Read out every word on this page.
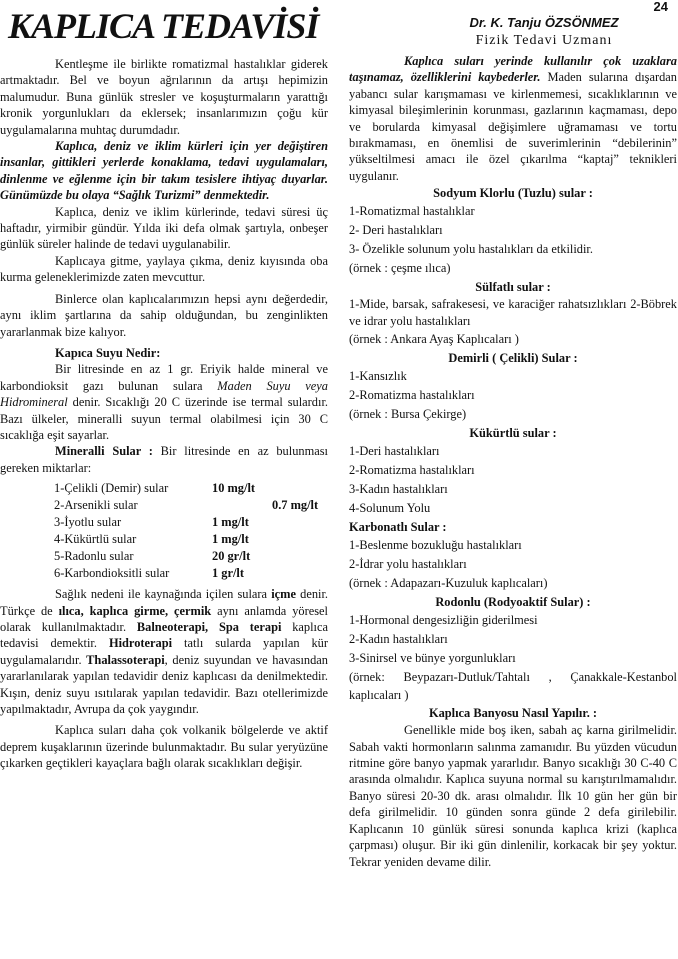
24
KAPLICA TEDAVİSİ	Dr. K. Tanju ÖZSÖNMEZ
Fizik Tedavi Uzmanı

Kentleşme ile birlikte romatizmal hastalıklar giderek artmaktadır. Bel ve boyun ağrılarının da artışı hepimizin malumudur. Buna günlük stresler ve koşuşturmaların yarattığı kronik yorgunlukları da eklersek; insanlarımızın çoğu kür uygulamalarına muhtaç durumdadır.

Kaplıca, deniz ve iklim kürleri için yer değiştiren insanlar, gittikleri yerlerde konaklama, tedavi uygulamaları, dinlenme ve eğlenme için bir takım tesislere ihtiyaç duyarlar. Günümüzde bu olaya “Sağlık Turizmi” denmektedir.

Kaplıca, deniz ve iklim kürlerinde, tedavi süresi üç haftadır, yirmibir gündür. Yılda iki defa olmak şartıyla, onbeşer günlük süreler halinde de tedavi uygulanabilir.

Kaplıcaya gitme, yaylaya çıkma, deniz kıyısında oba kurma geleneklerimizde zaten mevcuttur.

Binlerce olan kaplıcalarımızın hepsi aynı değerdedir, aynı iklim şartlarına da sahip olduğundan, bu zenginlikten yararlanmak bize kalıyor.

Kapıca Suyu Nedir:

Bir litresinde en az 1 gr. Eriyik halde mineral ve karbondioksit gazı bulunan sulara Maden Suyu veya Hidromineral denir. Sıcaklığı 20 C üzerinde ise termal sulardır. Bazı ülkeler, mineralli suyun termal olabilmesi için 30 C sıcaklığa eşit sayarlar.

Mineralli Sular : Bir litresinde en az bulunması gereken miktarlar:

1-Çelikli (Demir) sular	10 mg/lt
2-Arsenikli sular	0.7 mg/lt
3-İyotlu sular	1 mg/lt
4-Kükürtlü sular	1 mg/lt
5-Radonlu sular	20 gr/lt
6-Karbondioksitli sular	1 gr/lt

Sağlık nedeni ile kaynağında içilen sulara içme denir. Türkçe de ılıca, kaplıca girme, çermik aynı anlamda yöresel olarak kullanılmaktadır. Balneoterapi, Spa terapi kaplıca tedavisi demektir. Hidroterapi tatlı sularda yapılan kür uygulamalarıdır. Thalassoterapi, deniz suyundan ve havasından yararlanılarak yapılan tedavidir deniz kaplıcası da denilmektedir. Kışın, deniz suyu ısıtılarak yapılan tedavidir. Bazı otellerimizde yapılmaktadır, Avrupa da çok yaygındır.

Kaplıca suları daha çok volkanik bölgelerde ve aktif deprem kuşaklarının üzerinde bulunmaktadır. Bu sular yeryüzüne çıkarken geçtikleri kayaçlara bağlı olarak sıcaklıkları değişir.

Kaplıca suları yerinde kullanılır çok uzaklara taşınamaz, özelliklerini kaybederler. Maden sularına dışardan yabancı sular karışmaması ve kirlenmemesi, sıcaklıklarının ve kimyasal bileşimlerinin korunması, gazlarının kaçmaması, depo ve borularda kimyasal değişimlere uğramaması ve tortu bırakmaması, en önemlisi de suverimlerinin “debilerinin” yükseltilmesi amacı ile özel çıkarılma “kaptaj” teknikleri uygulanır.

Sodyum Klorlu (Tuzlu) sular :

1-Romatizmal hastalıklar

2- Deri hastalıkları

3- Özelikle solunum yolu hastalıkları da etkilidir.

(örnek : çeşme ılıca)

Sülfatlı sular :

1-Mide, barsak, safrakesesi, ve karaciğer rahatsızlıkları 2-Böbrek ve idrar yolu hastalıkları

(örnek : Ankara Ayaş Kaplıcaları )

Demirli ( Çelikli) Sular :

1-Kansızlık

2-Romatizma hastalıkları

(örnek : Bursa Çekirge)

Kükürtlü sular :

1-Deri hastalıkları

2-Romatizma hastalıkları

3-Kadın hastalıkları

4-Solunum Yolu

Karbonatlı Sular :

1-Beslenme bozukluğu hastalıkları

2-İdrar yolu hastalıkları

(örnek : Adapazarı-Kuzuluk kaplıcaları)

Rodonlu (Rodyoaktif Sular) :

1-Hormonal dengesizliğin giderilmesi

2-Kadın hastalıkları

3-Sinirsel ve bünye yorgunlukları

(örnek: Beypazarı-Dutluk/Tahtalı , Çanakkale-Kestanbol kaplıcaları )

Kaplıca Banyosu Nasıl Yapılır. :

Genellikle mide boş iken, sabah aç karna girilmelidir. Sabah vakti hormonların salınma zamanıdır. Bu yüzden vücudun ritmine göre banyo yapmak yararlıdır. Banyo sıcaklığı 30 C-40 C arasında olmalıdır. Kaplıca suyuna normal su karıştırılmamalıdır. Banyo süresi 20-30 dk. arası olmalıdır. İlk 10 gün her gün bir defa girilmelidir. 10 günden sonra günde 2 defa girilebilir. Kaplıcanın 10 günlük süresi sonunda kaplıca krizi (kaplıca çarpması) oluşur. Bir iki gün dinlenilir, korkacak bir şey yoktur. Tekrar yeniden devame dilir.
